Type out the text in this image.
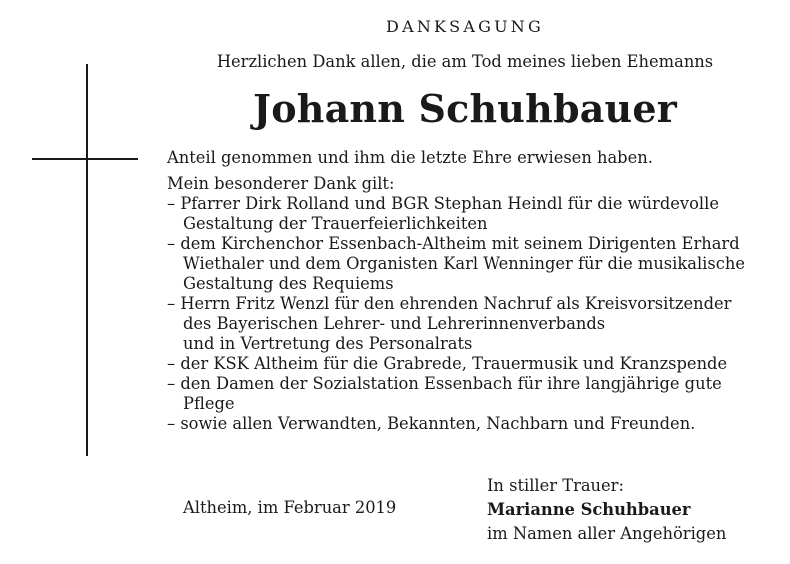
DANKSAGUNG
Herzlichen Dank allen, die am Tod meines lieben Ehemanns
Johann Schuhbauer
Anteil genommen und ihm die letzte Ehre erwiesen haben.
Mein besonderer Dank gilt:
– Pfarrer Dirk Rolland und BGR Stephan Heindl für die würdevolle
Gestaltung der Trauerfeierlichkeiten
– dem Kirchenchor Essenbach-Altheim mit seinem Dirigenten Erhard
Wiethaler und dem Organisten Karl Wenninger für die musikalische
Gestaltung des Requiems
– Herrn Fritz Wenzl für den ehrenden Nachruf als Kreisvorsitzender
des Bayerischen Lehrer- und Lehrerinnenverbands
und in Vertretung des Personalrats
– der KSK Altheim für die Grabrede, Trauermusik und Kranzspende
– den Damen der Sozialstation Essenbach für ihre langjährige gute
Pflege
– sowie allen Verwandten, Bekannten, Nachbarn und Freunden.
Altheim, im Februar 2019
In stiller Trauer:
Marianne Schuhbauer
im Namen aller Angehörigen
